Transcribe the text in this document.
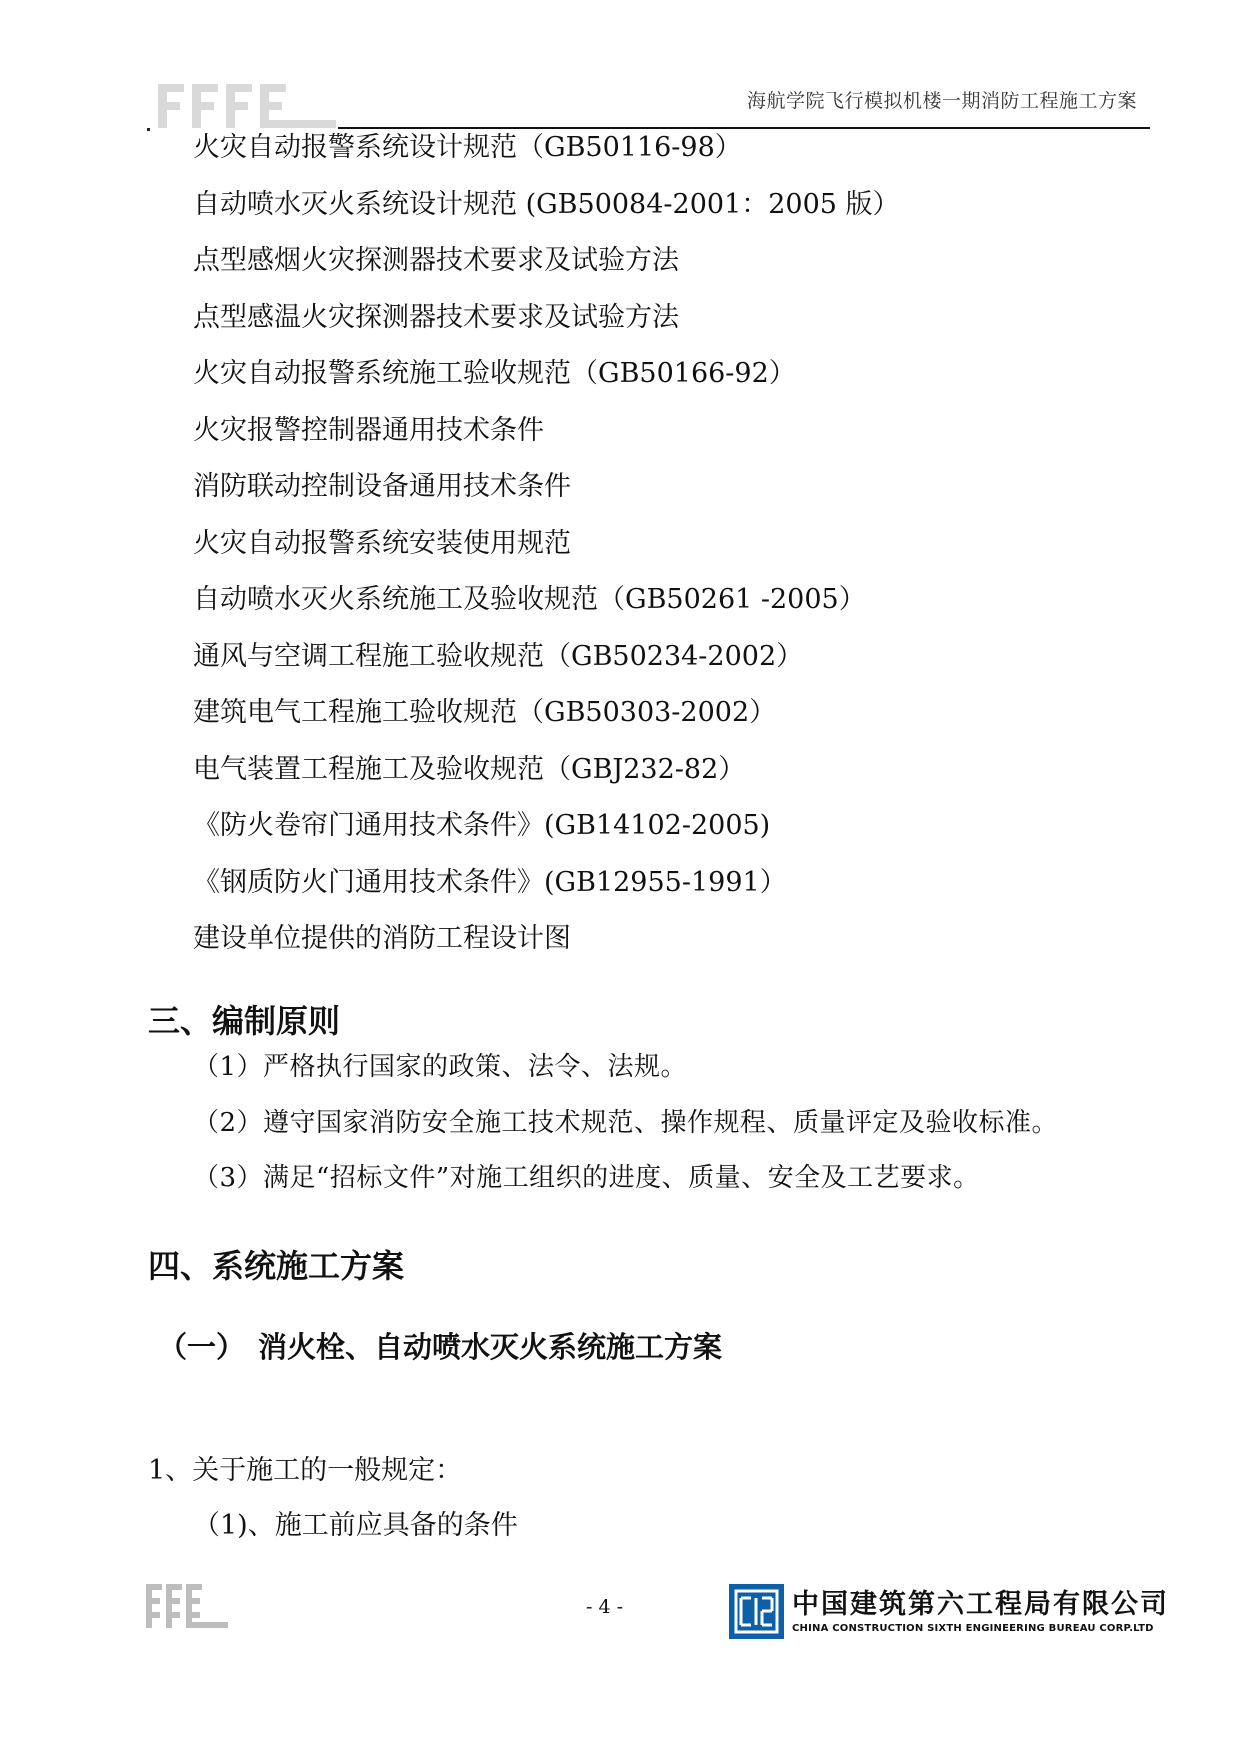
海航学院飞行模拟机楼一期消防工程施工方案
火灾自动报警系统设计规范（GB50116-98）
自动喷水灭火系统设计规范 (GB50084-2001：2005 版）
点型感烟火灾探测器技术要求及试验方法
点型感温火灾探测器技术要求及试验方法
火灾自动报警系统施工验收规范（GB50166-92）
火灾报警控制器通用技术条件
消防联动控制设备通用技术条件
火灾自动报警系统安装使用规范
自动喷水灭火系统施工及验收规范（GB50261 -2005）
通风与空调工程施工验收规范（GB50234-2002）
建筑电气工程施工验收规范（GB50303-2002）
电气装置工程施工及验收规范（GBJ232-82）
《防火卷帘门通用技术条件》(GB14102-2005)
《钢质防火门通用技术条件》(GB12955-1991）
建设单位提供的消防工程设计图
三、编制原则
（1）严格执行国家的政策、法令、法规。
（2）遵守国家消防安全施工技术规范、操作规程、质量评定及验收标准。
（3）满足“招标文件”对施工组织的进度、质量、安全及工艺要求。
四、系统施工方案
（一） 消火栓、自动喷水灭火系统施工方案
1、关于施工的一般规定：
（1)、施工前应具备的条件
- 4 -	中国建筑第六工程局有限公司
CHINA CONSTRUCTION SIXTH ENGINEERING BUREAU CORP.LTD
